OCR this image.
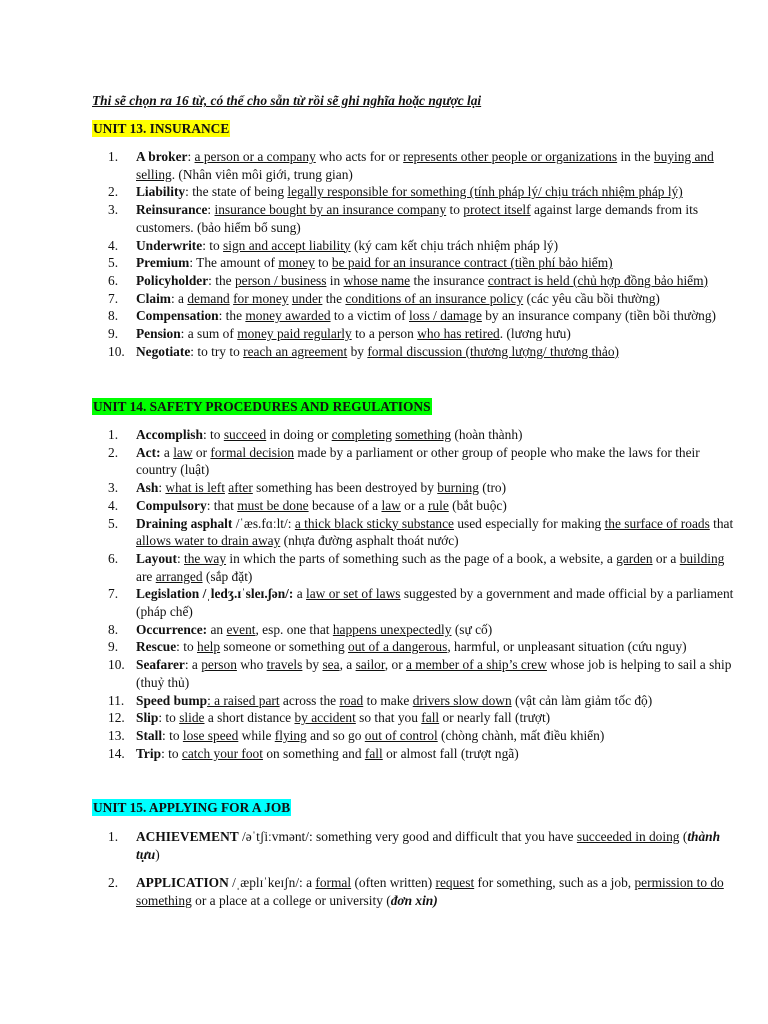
Thi sẽ chọn ra 16 từ, có thể cho sẵn từ rồi sẽ ghi nghĩa hoặc ngược lại
UNIT 13. INSURANCE
1.	A broker: a person or a company who acts for or represents other people or organizations in the buying and selling. (Nhân viên môi giới, trung gian)
2.	Liability: the state of being legally responsible for something (tính pháp lý/ chịu trách nhiệm pháp lý)
3.	Reinsurance: insurance bought by an insurance company to protect itself against large demands from its customers. (bảo hiểm bổ sung)
4.	Underwrite: to sign and accept liability (ký cam kết chịu trách nhiệm pháp lý)
5.	Premium: The amount of money to be paid for an insurance contract (tiền phí bảo hiểm)
6.	Policyholder: the person / business in whose name the insurance contract is held (chủ hợp đồng bảo hiểm)
7.	Claim: a demand for money under the conditions of an insurance policy (các yêu cầu bồi thường)
8.	Compensation: the money awarded to a victim of loss / damage by an insurance company (tiền bồi thường)
9.	Pension: a sum of money paid regularly to a person who has retired. (lương hưu)
10. Negotiate: to try to reach an agreement by formal discussion (thương lượng/ thương thảo)
UNIT 14. SAFETY PROCEDURES AND REGULATIONS
1.	Accomplish: to succeed in doing or completing something (hoàn thành)
2.	Act: a law or formal decision made by a parliament or other group of people who make the laws for their country (luật)
3.	Ash: what is left after something has been destroyed by burning (tro)
4.	Compulsory: that must be done because of a law or a rule (bắt buộc)
5.	Draining asphalt /ˈæs.fɑːlt/: a thick black sticky substance used especially for making the surface of roads that allows water to drain away (nhựa đường asphalt thoát nước)
6.	Layout: the way in which the parts of something such as the page of a book, a website, a garden or a building are arranged (sắp đặt)
7.	Legislation /ˌledʒ.ɪˈsleɪ.ʃən/: a law or set of laws suggested by a government and made official by a parliament (pháp chế)
8.	Occurrence: an event, esp. one that happens unexpectedly (sự cố)
9.	Rescue: to help someone or something out of a dangerous, harmful, or unpleasant situation (cứu nguy)
10. Seafarer: a person who travels by sea, a sailor, or a member of a ship’s crew whose job is helping to sail a ship (thuỷ thủ)
11. Speed bump: a raised part across the road to make drivers slow down (vật cản làm giảm tốc độ)
12. Slip: to slide a short distance by accident so that you fall or nearly fall (trượt)
13. Stall: to lose speed while flying and so go out of control (chòng chành, mất điều khiển)
14. Trip: to catch your foot on something and fall or almost fall (trượt ngã)
UNIT 15. APPLYING FOR A JOB
1.	ACHIEVEMENT /əˈtʃiːvmənt/: something very good and difficult that you have succeeded in doing (thành tựu)
2.	APPLICATION /ˌæplɪˈkeɪʃn/: a formal (often written) request for something, such as a job, permission to do something or a place at a college or university (đơn xin)
